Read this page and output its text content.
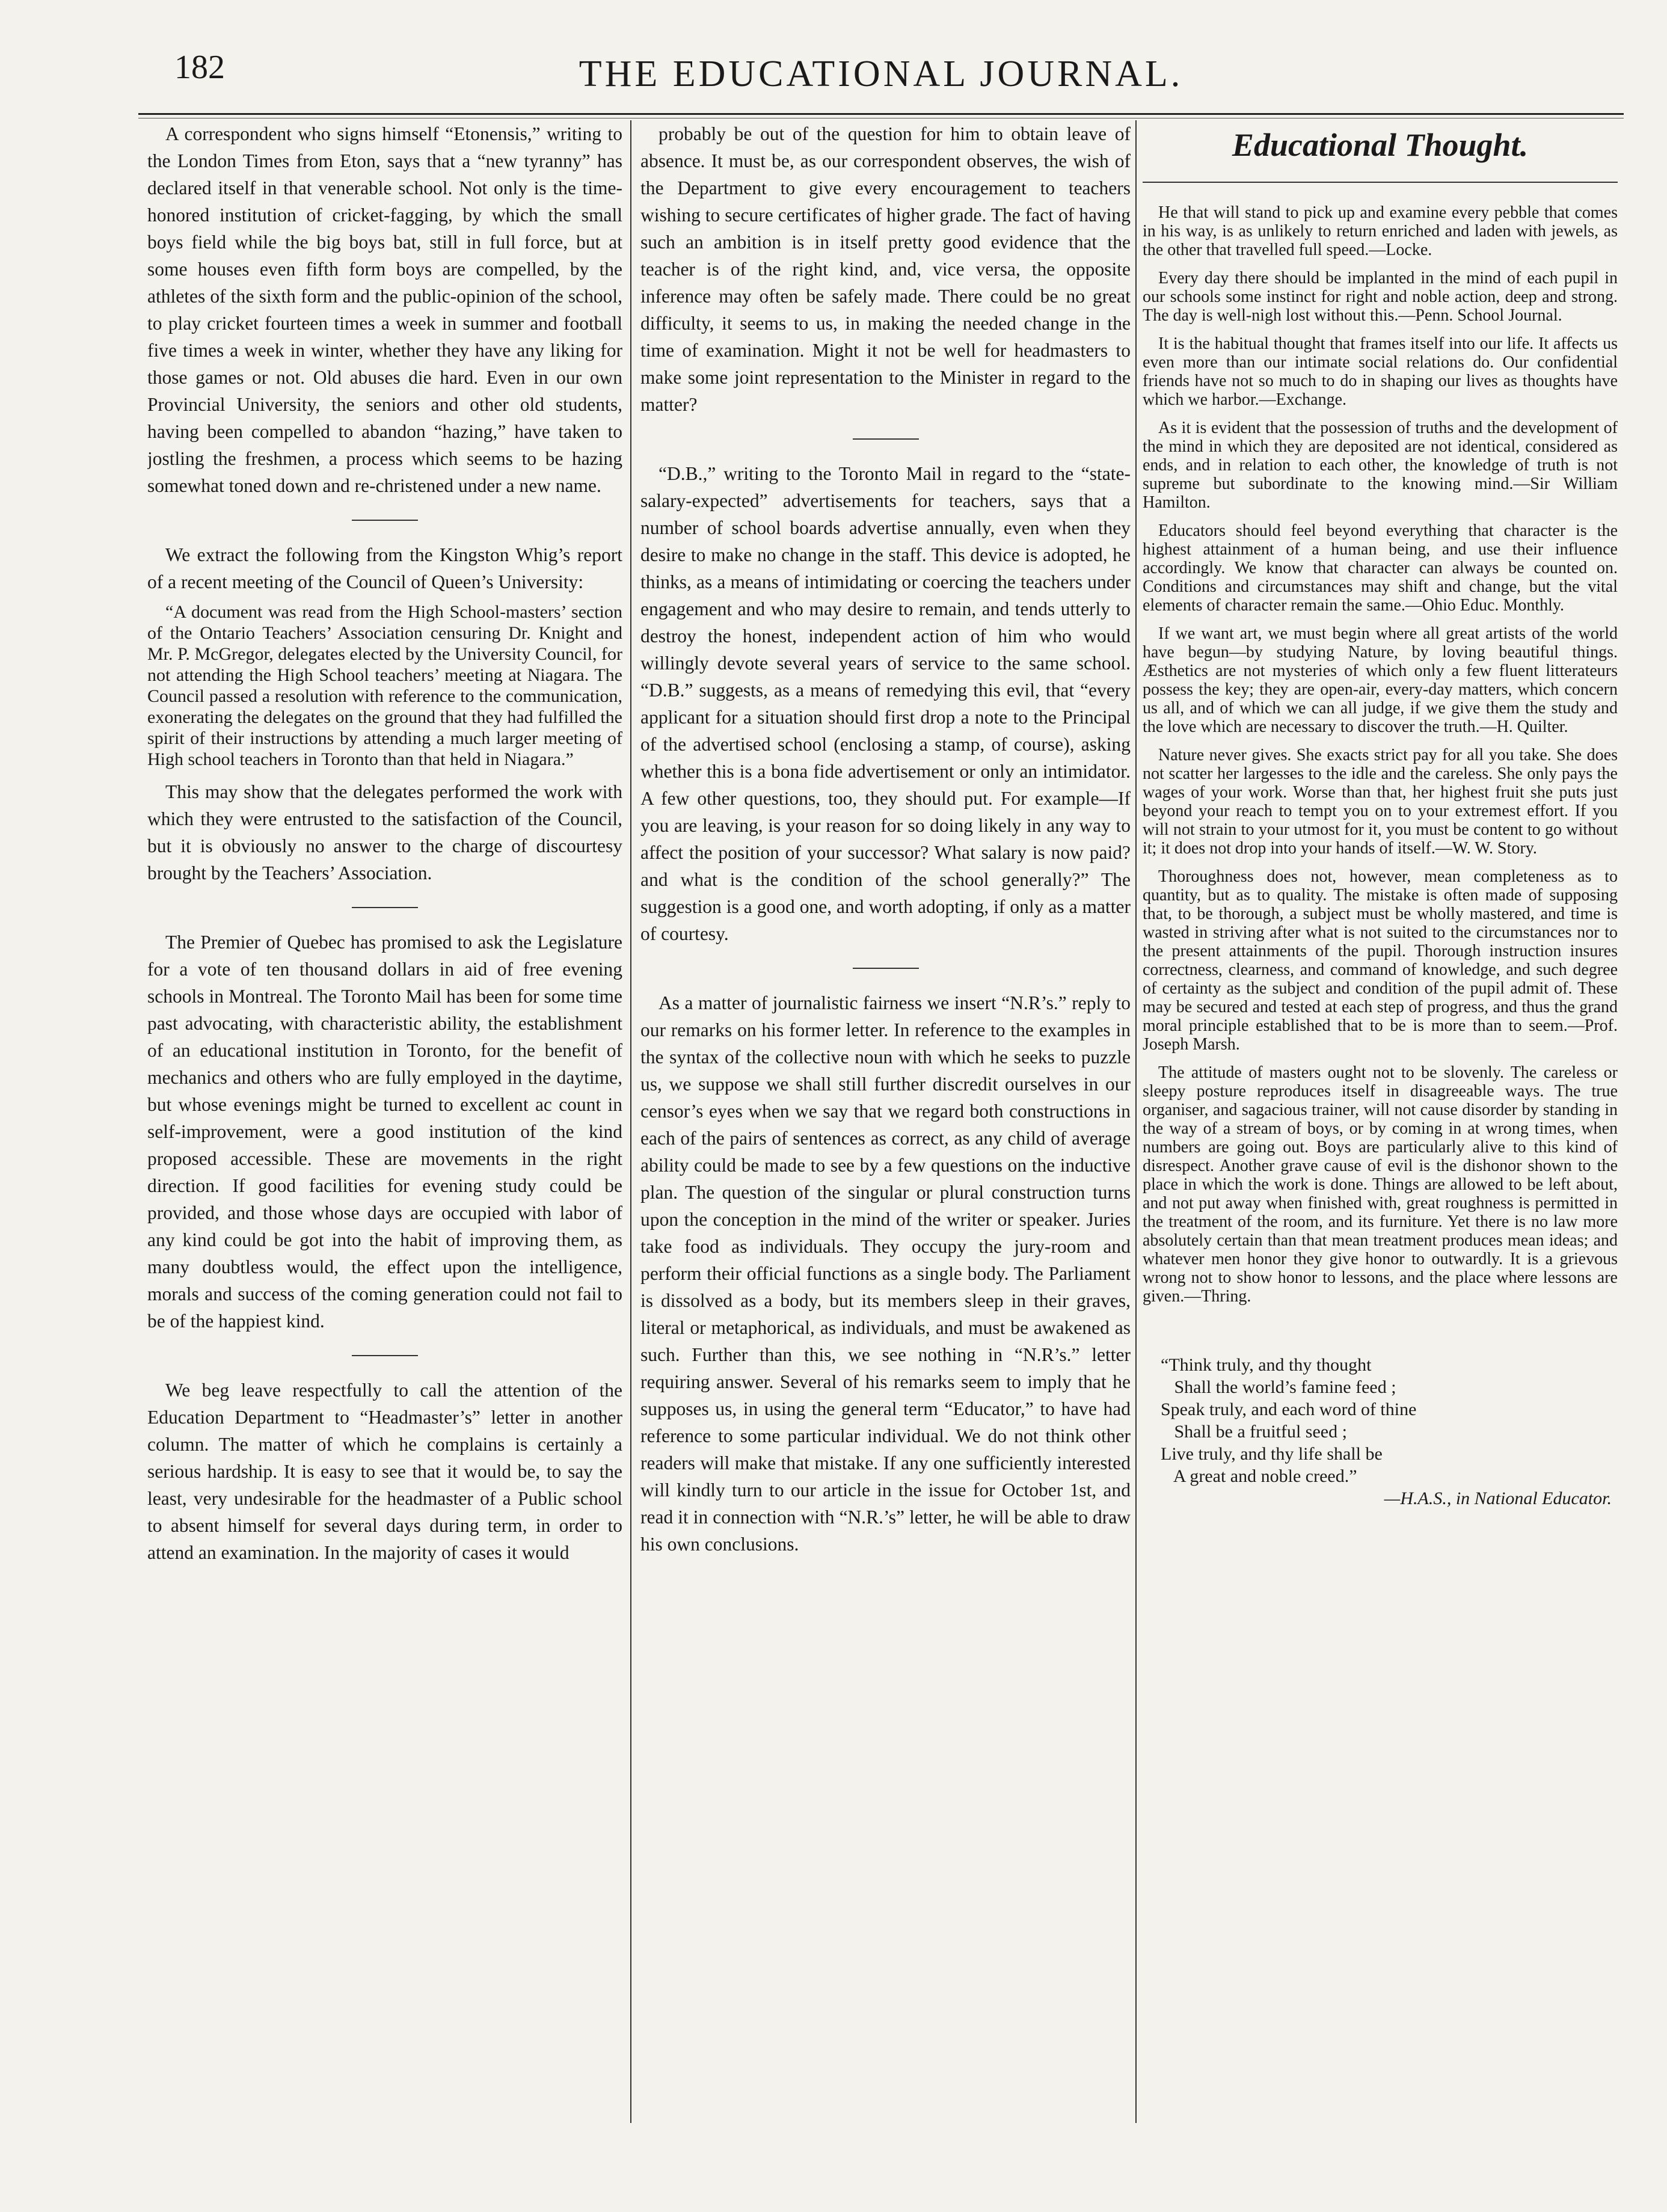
182	THE EDUCATIONAL JOURNAL.

A correspondent who signs himself “Etonensis,” writing to the London Times from Eton, says that a “new tyranny” has declared itself in that venerable school. Not only is the time-honored institution of cricket-fagging, by which the small boys field while the big boys bat, still in full force, but at some houses even fifth form boys are compelled, by the athletes of the sixth form and the public-opinion of the school, to play cricket fourteen times a week in summer and football five times a week in winter, whether they have any liking for those games or not. Old abuses die hard. Even in our own Provincial University, the seniors and other old students, having been compelled to abandon “hazing,” have taken to jostling the freshmen, a process which seems to be hazing somewhat toned down and re-christened under a new name.

We extract the following from the Kingston Whig’s report of a recent meeting of the Council of Queen’s University:

“A document was read from the High School-masters’ section of the Ontario Teachers’ Association censuring Dr. Knight and Mr. P. McGregor, delegates elected by the University Council, for not attending the High School teachers’ meeting at Niagara. The Council passed a resolution with reference to the communication, exonerating the delegates on the ground that they had fulfilled the spirit of their instructions by attending a much larger meeting of High school teachers in Toronto than that held in Niagara.”

This may show that the delegates performed the work with which they were entrusted to the satisfaction of the Council, but it is obviously no answer to the charge of discourtesy brought by the Teachers’ Association.

The Premier of Quebec has promised to ask the Legislature for a vote of ten thousand dollars in aid of free evening schools in Montreal. The Toronto Mail has been for some time past advocating, with characteristic ability, the establishment of an educational institution in Toronto, for the benefit of mechanics and others who are fully employed in the daytime, but whose evenings might be turned to excellent ac count in self-improvement, were a good institution of the kind proposed accessible. These are movements in the right direction. If good facilities for evening study could be provided, and those whose days are occupied with labor of any kind could be got into the habit of improving them, as many doubtless would, the effect upon the intelligence, morals and success of the coming generation could not fail to be of the happiest kind.

We beg leave respectfully to call the attention of the Education Department to “Headmaster’s” letter in another column. The matter of which he complains is certainly a serious hardship. It is easy to see that it would be, to say the least, very undesirable for the headmaster of a Public school to absent himself for several days during term, in order to attend an examination. In the majority of cases it would

probably be out of the question for him to obtain leave of absence. It must be, as our correspondent observes, the wish of the Department to give every encouragement to teachers wishing to secure certificates of higher grade. The fact of having such an ambition is in itself pretty good evidence that the teacher is of the right kind, and, vice versa, the opposite inference may often be safely made. There could be no great difficulty, it seems to us, in making the needed change in the time of examination. Might it not be well for headmasters to make some joint representation to the Minister in regard to the matter?

“D.B.,” writing to the Toronto Mail in regard to the “state-salary-expected” advertisements for teachers, says that a number of school boards advertise annually, even when they desire to make no change in the staff. This device is adopted, he thinks, as a means of intimidating or coercing the teachers under engagement and who may desire to remain, and tends utterly to destroy the honest, independent action of him who would willingly devote several years of service to the same school. “D.B.” suggests, as a means of remedying this evil, that “every applicant for a situation should first drop a note to the Principal of the advertised school (enclosing a stamp, of course), asking whether this is a bona fide advertisement or only an intimidator. A few other questions, too, they should put. For example—If you are leaving, is your reason for so doing likely in any way to affect the position of your successor? What salary is now paid? and what is the condition of the school generally?” The suggestion is a good one, and worth adopting, if only as a matter of courtesy.

As a matter of journalistic fairness we insert “N.R’s.” reply to our remarks on his former letter. In reference to the examples in the syntax of the collective noun with which he seeks to puzzle us, we suppose we shall still further discredit ourselves in our censor’s eyes when we say that we regard both constructions in each of the pairs of sentences as correct, as any child of average ability could be made to see by a few questions on the inductive plan. The question of the singular or plural construction turns upon the conception in the mind of the writer or speaker. Juries take food as individuals. They occupy the jury-room and perform their official functions as a single body. The Parliament is dissolved as a body, but its members sleep in their graves, literal or metaphorical, as individuals, and must be awakened as such. Further than this, we see nothing in “N.R’s.” letter requiring answer. Several of his remarks seem to imply that he supposes us, in using the general term “Educator,” to have had reference to some particular individual. We do not think other readers will make that mistake. If any one sufficiently interested will kindly turn to our article in the issue for October 1st, and read it in connection with “N.R.’s” letter, he will be able to draw his own conclusions.

Educational Thought.

He that will stand to pick up and examine every pebble that comes in his way, is as unlikely to return enriched and laden with jewels, as the other that travelled full speed.—Locke.

Every day there should be implanted in the mind of each pupil in our schools some instinct for right and noble action, deep and strong. The day is well-nigh lost without this.—Penn. School Journal.

It is the habitual thought that frames itself into our life. It affects us even more than our intimate social relations do. Our confidential friends have not so much to do in shaping our lives as thoughts have which we harbor.—Exchange.

As it is evident that the possession of truths and the development of the mind in which they are deposited are not identical, considered as ends, and in relation to each other, the knowledge of truth is not supreme but subordinate to the knowing mind.—Sir William Hamilton.

Educators should feel beyond everything that character is the highest attainment of a human being, and use their influence accordingly. We know that character can always be counted on. Conditions and circumstances may shift and change, but the vital elements of character remain the same.—Ohio Educ. Monthly.

If we want art, we must begin where all great artists of the world have begun—by studying Nature, by loving beautiful things. Æsthetics are not mysteries of which only a few fluent litterateurs possess the key; they are open-air, every-day matters, which concern us all, and of which we can all judge, if we give them the study and the love which are necessary to discover the truth.—H. Quilter.

Nature never gives. She exacts strict pay for all you take. She does not scatter her largesses to the idle and the careless. She only pays the wages of your work. Worse than that, her highest fruit she puts just beyond your reach to tempt you on to your extremest effort. If you will not strain to your utmost for it, you must be content to go without it; it does not drop into your hands of itself.—W. W. Story.

Thoroughness does not, however, mean completeness as to quantity, but as to quality. The mistake is often made of supposing that, to be thorough, a subject must be wholly mastered, and time is wasted in striving after what is not suited to the circumstances nor to the present attainments of the pupil. Thorough instruction insures correctness, clearness, and command of knowledge, and such degree of certainty as the subject and condition of the pupil admit of. These may be secured and tested at each step of progress, and thus the grand moral principle established that to be is more than to seem.—Prof. Joseph Marsh.

The attitude of masters ought not to be slovenly. The careless or sleepy posture reproduces itself in disagreeable ways. The true organiser, and sagacious trainer, will not cause disorder by standing in the way of a stream of boys, or by coming in at wrong times, when numbers are going out. Boys are particularly alive to this kind of disrespect. Another grave cause of evil is the dishonor shown to the place in which the work is done. Things are allowed to be left about, and not put away when finished with, great roughness is permitted in the treatment of the room, and its furniture. Yet there is no law more absolutely certain than that mean treatment produces mean ideas; and whatever men honor they give honor to outwardly. It is a grievous wrong not to show honor to lessons, and the place where lessons are given.—Thring.

“Think truly, and thy thought
Shall the world’s famine feed ;
Speak truly, and each word of thine
Shall be a fruitful seed ;
Live truly, and thy life shall be
A great and noble creed.”
—H.A.S., in National Educator.
